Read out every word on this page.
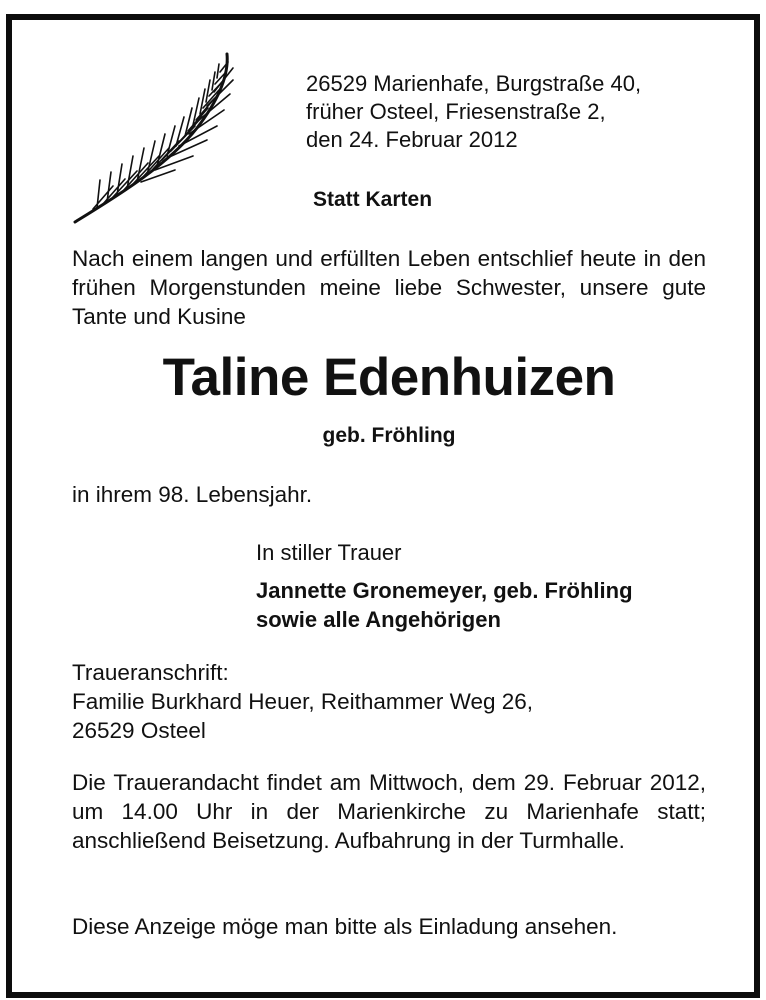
26529 Marienhafe, Burgstraße 40,
früher Osteel, Friesenstraße 2,
den 24. Februar 2012

Statt Karten

Nach einem langen und erfüllten Leben entschlief heute in den frühen Morgenstunden meine liebe Schwester, unsere gute Tante und Kusine

Taline Edenhuizen

geb. Fröhling

in ihrem 98. Lebensjahr.

In stiller Trauer

Jannette Gronemeyer, geb. Fröhling
sowie alle Angehörigen

Traueranschrift:
Familie Burkhard Heuer, Reithammer Weg 26,
26529 Osteel

Die Trauerandacht findet am Mittwoch, dem 29. Februar 2012, um 14.00 Uhr in der Marienkirche zu Marienhafe statt; anschließend Beisetzung. Aufbahrung in der Turmhalle.

Diese Anzeige möge man bitte als Einladung ansehen.
